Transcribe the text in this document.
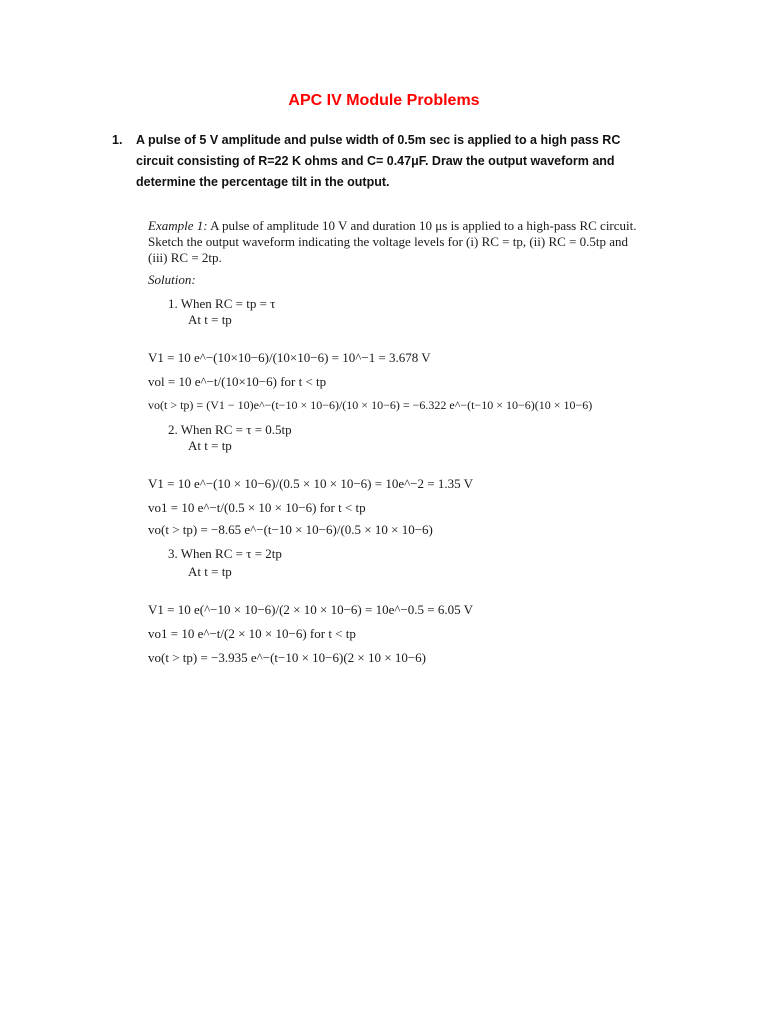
APC IV Module Problems
1. A pulse of 5 V amplitude and pulse width of 0.5m sec is applied to a high pass RC circuit consisting of R=22 K ohms and C= 0.47μF. Draw the output waveform and determine the percentage tilt in the output.
Example 1: A pulse of amplitude 10 V and duration 10 μs is applied to a high-pass RC circuit.
Sketch the output waveform indicating the voltage levels for (i) RC = tp, (ii) RC = 0.5tp and
(iii) RC = 2tp.
Solution:
1. When RC = tp = τ
At t = tp
V1 = 10 e^−(10×10−6)/(10×10−6) = 10^−1 = 3.678 V
vol = 10 e^−t/(10×10−6) for t < tp
vo(t > tp) = (V1 − 10)e^−(t−10 × 10−6)/(10 × 10−6) = −6.322 e^−(t−10 × 10−6)(10 × 10−6)
2. When RC = τ = 0.5tp
At t = tp
V1 = 10 e^−(10 × 10−6)/(0.5 × 10 × 10−6) = 10e^−2 = 1.35 V
vo1 = 10 e^−t/(0.5 × 10 × 10−6) for t < tp
vo(t > tp) = −8.65 e^−(t−10 × 10−6)/(0.5 × 10 × 10−6)
3. When RC = τ = 2tp
At t = tp
V1 = 10 e(^−10 × 10−6)/(2 × 10 × 10−6) = 10e^−0.5 = 6.05 V
vo1 = 10 e^−t/(2 × 10 × 10−6) for t < tp
vo(t > tp) = −3.935 e^−(t−10 × 10−6)(2 × 10 × 10−6)
